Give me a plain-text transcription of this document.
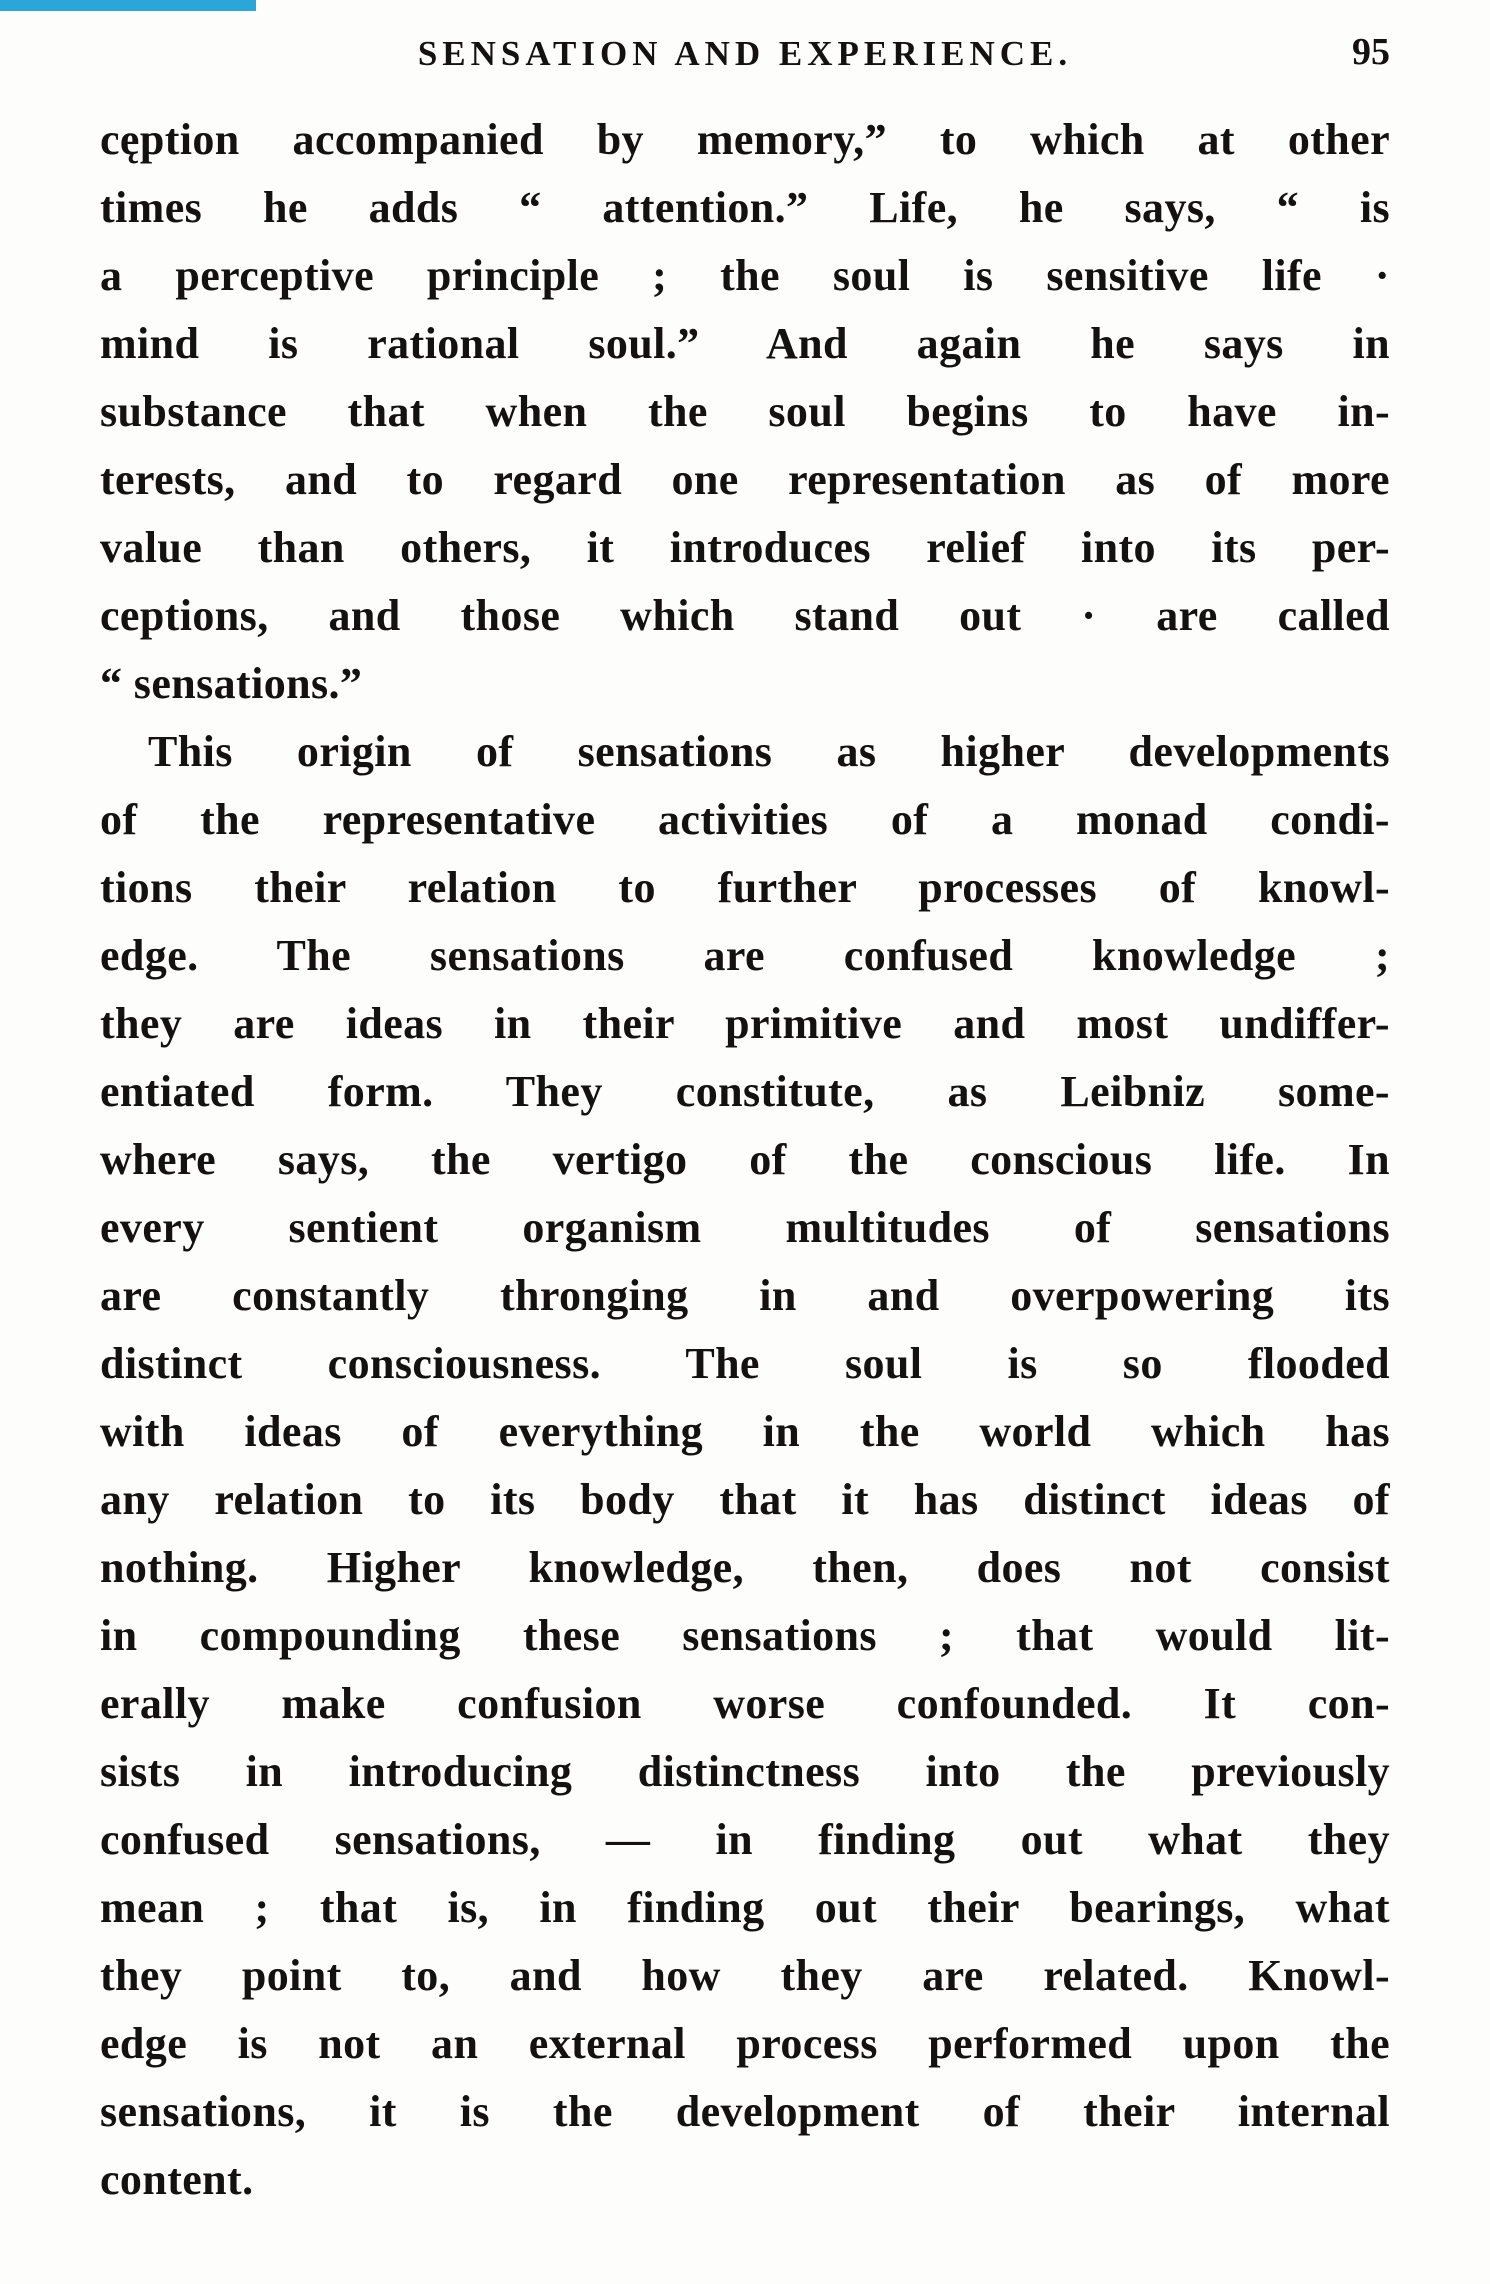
SENSATION AND EXPERIENCE.	95
cęption accompanied by memory,” to which at other
times he adds “ attention.” Life, he says, “ is
a perceptive principle ; the soul is sensitive life ·
mind is rational soul.” And again he says in
substance that when the soul begins to have in-
terests, and to regard one representation as of more
value than others, it introduces relief into its per-
ceptions, and those which stand out · are called
“ sensations.”
This origin of sensations as higher developments
of the representative activities of a monad condi-
tions their relation to further processes of knowl-
edge. The sensations are confused knowledge ;
they are ideas in their primitive and most undiffer-
entiated form. They constitute, as Leibniz some-
where says, the vertigo of the conscious life. In
every sentient organism multitudes of sensations
are constantly thronging in and overpowering its
distinct consciousness. The soul is so flooded
with ideas of everything in the world which has
any relation to its body that it has distinct ideas of
nothing. Higher knowledge, then, does not consist
in compounding these sensations ; that would lit-
erally make confusion worse confounded. It con-
sists in introducing distinctness into the previously
confused sensations, — in finding out what they
mean ; that is, in finding out their bearings, what
they point to, and how they are related. Knowl-
edge is not an external process performed upon the
sensations, it is the development of their internal
content.
